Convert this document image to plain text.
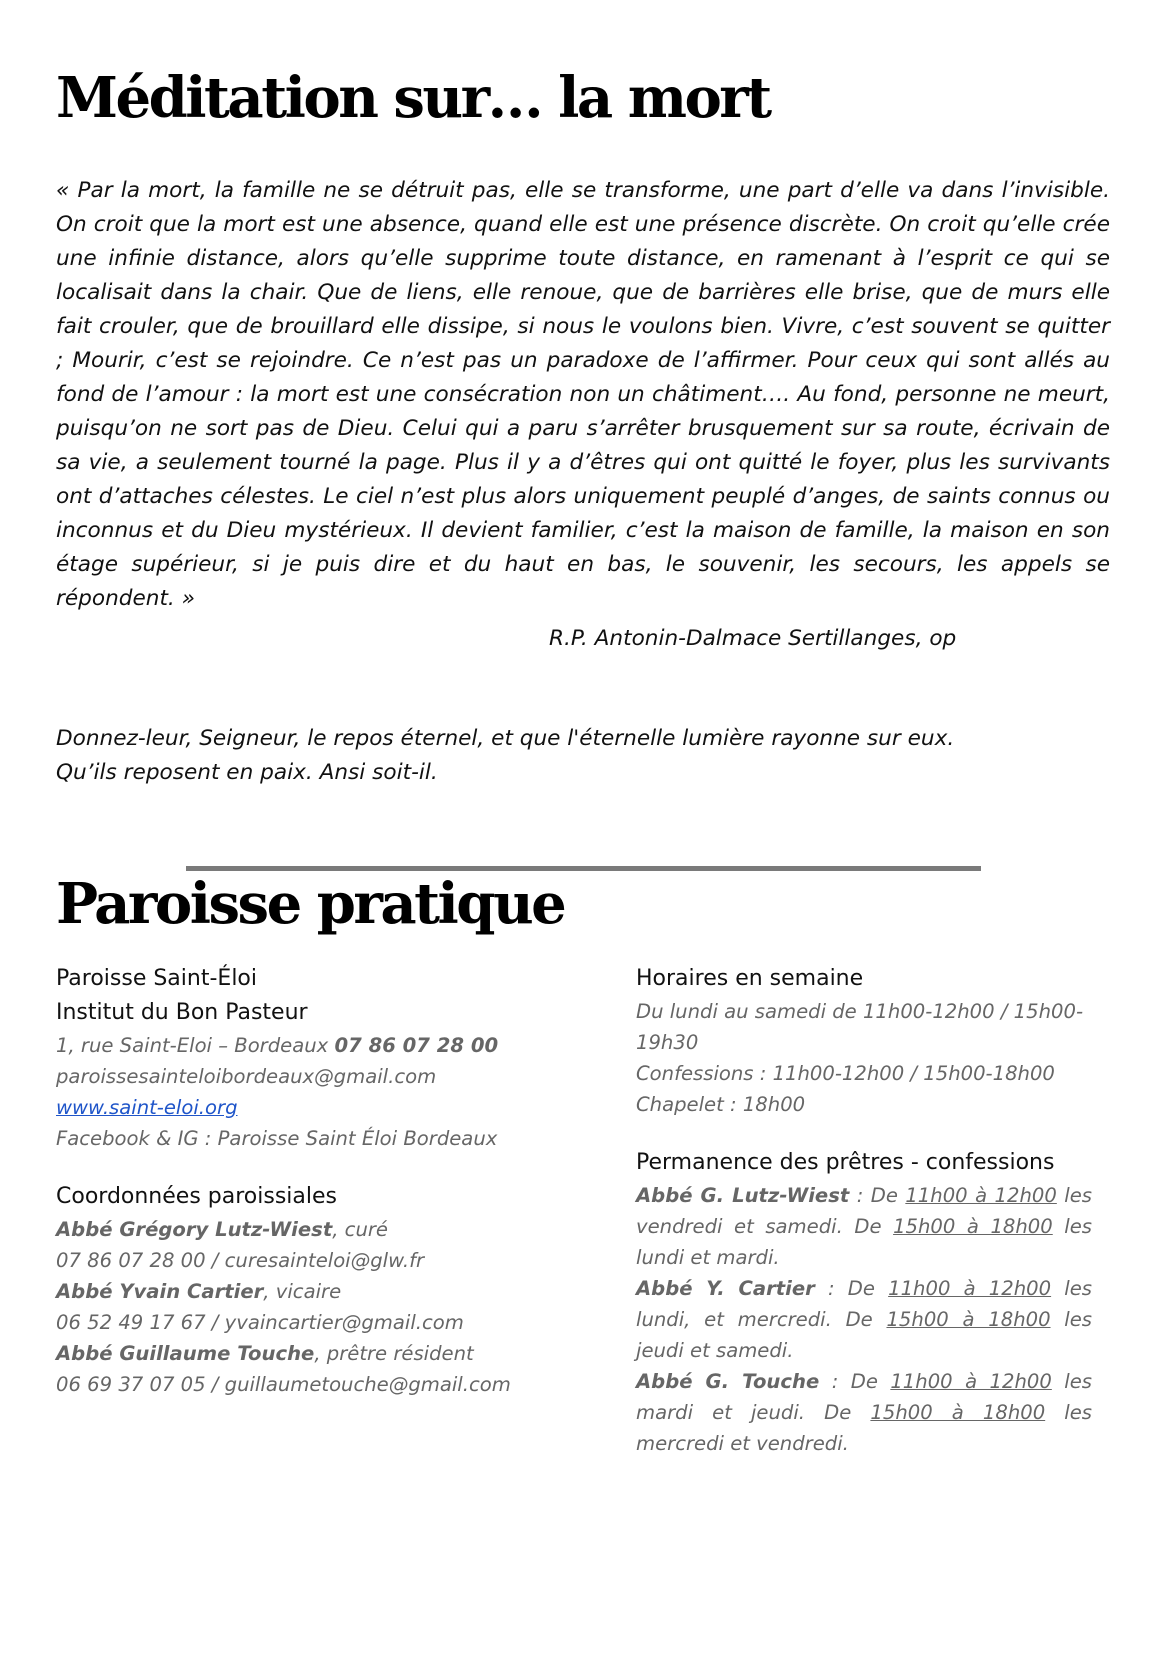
Méditation sur… la mort

« Par la mort, la famille ne se détruit pas, elle se transforme, une part d’elle va dans l’invisible. On croit que la mort est une absence, quand elle est une présence discrète. On croit qu’elle crée une infinie distance, alors qu’elle supprime toute distance, en ramenant à l’esprit ce qui se localisait dans la chair. Que de liens, elle renoue, que de barrières elle brise, que de murs elle fait crouler, que de brouillard elle dissipe, si nous le voulons bien. Vivre, c’est souvent se quitter ; Mourir, c’est se rejoindre. Ce n’est pas un paradoxe de l’affirmer. Pour ceux qui sont allés au fond de l’amour : la mort est une consécration non un châtiment…. Au fond, personne ne meurt, puisqu’on ne sort pas de Dieu. Celui qui a paru s’arrêter brusquement sur sa route, écrivain de sa vie, a seulement tourné la page. Plus il y a d’êtres qui ont quitté le foyer, plus les survivants ont d’attaches célestes. Le ciel n’est plus alors uniquement peuplé d’anges, de saints connus ou inconnus et du Dieu mystérieux. Il devient familier, c’est la maison de famille, la maison en son étage supérieur, si je puis dire et du haut en bas, le souvenir, les secours, les appels se répondent. »

R.P. Antonin-Dalmace Sertillanges, op

Donnez-leur, Seigneur, le repos éternel, et que l'éternelle lumière rayonne sur eux.
Qu’ils reposent en paix. Ansi soit-il.
Paroisse pratique

Paroisse Saint-Éloi

Institut du Bon Pasteur

1, rue Saint-Eloi – Bordeaux 07 86 07 28 00

paroissesainteloibordeaux@gmail.com

www.saint-eloi.org

Facebook & IG : Paroisse Saint Éloi Bordeaux

Coordonnées paroissiales

Abbé Grégory Lutz-Wiest, curé

07 86 07 28 00 / curesainteloi@glw.fr

Abbé Yvain Cartier, vicaire

06 52 49 17 67 / yvaincartier@gmail.com

Abbé Guillaume Touche, prêtre résident

06 69 37 07 05 / guillaumetouche@gmail.com

Horaires en semaine

Du lundi au samedi de 11h00-12h00 / 15h00-19h30

Confessions : 11h00-12h00 / 15h00-18h00

Chapelet : 18h00

Permanence des prêtres - confessions

Abbé G. Lutz-Wiest : De 11h00 à 12h00 les vendredi et samedi. De 15h00 à 18h00 les lundi et mardi.

Abbé Y. Cartier : De 11h00 à 12h00 les lundi, et mercredi. De 15h00 à 18h00 les jeudi et samedi.

Abbé G. Touche : De 11h00 à 12h00 les mardi et jeudi. De 15h00 à 18h00 les mercredi et vendredi.
